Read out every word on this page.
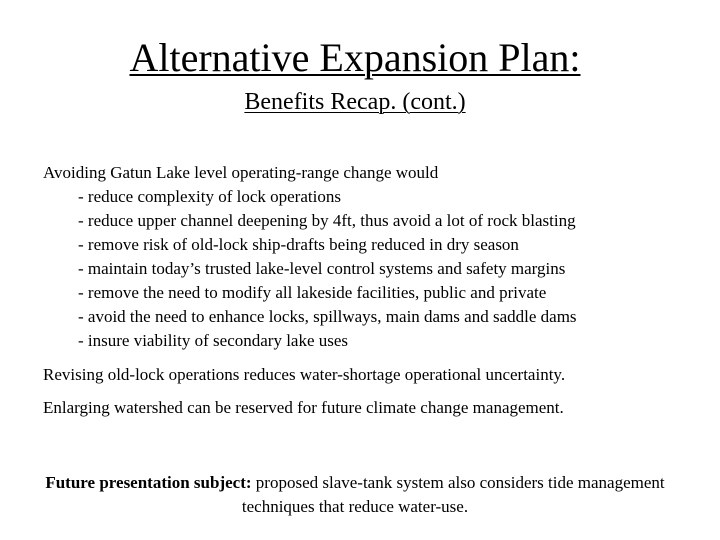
Alternative Expansion Plan:
Benefits Recap. (cont.)

Avoiding Gatun Lake level operating-range change would

- reduce complexity of lock operations
- reduce upper channel deepening by 4ft, thus avoid a lot of rock blasting
- remove risk of old-lock ship-drafts being reduced in dry season
- maintain today’s trusted lake-level control systems and safety margins
- remove the need to modify all lakeside facilities, public and private
- avoid the need to enhance locks, spillways, main dams and saddle dams
- insure viability of secondary lake uses

Revising old-lock operations reduces water-shortage operational uncertainty.

Enlarging watershed can be reserved for future climate change management.

Future presentation subject: proposed slave-tank system also considers tide management techniques that reduce water-use.
